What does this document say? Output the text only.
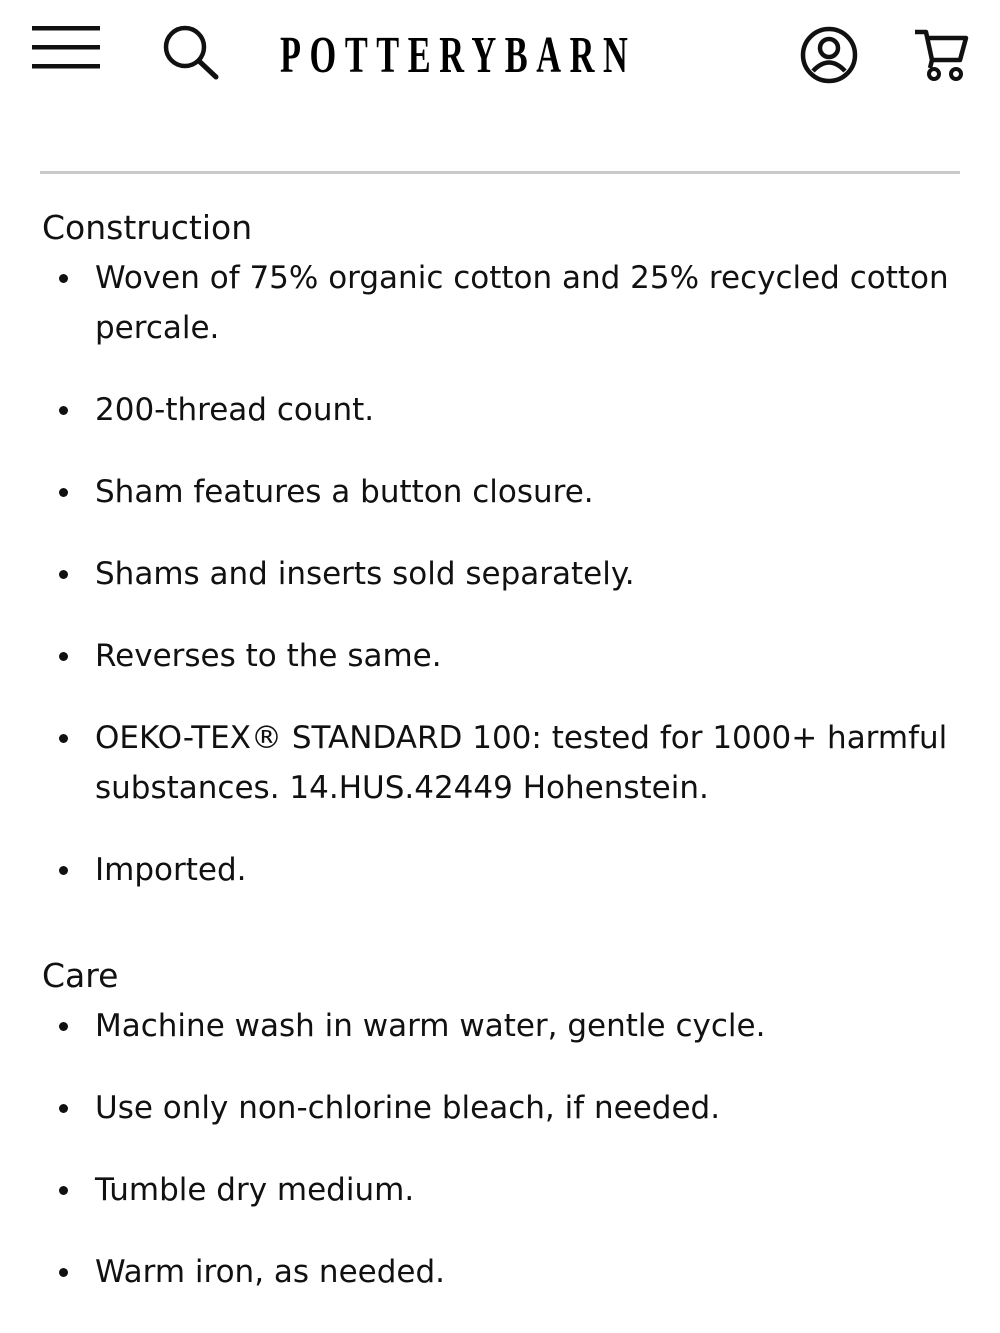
POTTERYBARN
Construction
Woven of 75% organic cotton and 25% recycled cotton percale.
200-thread count.
Sham features a button closure.
Shams and inserts sold separately.
Reverses to the same.
OEKO-TEX® STANDARD 100: tested for 1000+ harmful substances. 14.HUS.42449 Hohenstein.
Imported.
Care
Machine wash in warm water, gentle cycle.
Use only non-chlorine bleach, if needed.
Tumble dry medium.
Warm iron, as needed.
